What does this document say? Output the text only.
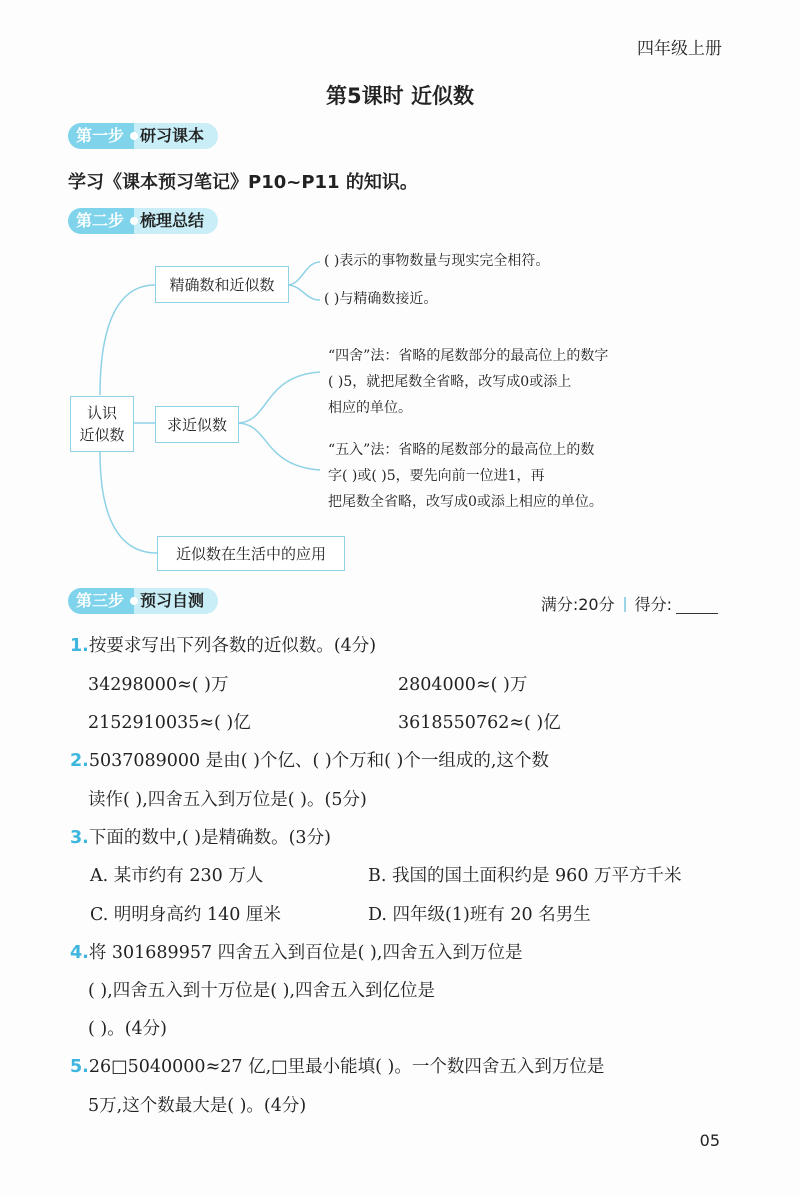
四年级上册
第5课时 近似数
第一步	研习课本
学习《课本预习笔记》P10~P11 的知识。
第二步	梳理总结
认识
近似数
精确数和近似数
求近似数
近似数在生活中的应用
( )表示的事物数量与现实完全相符。
( )与精确数接近。
“四舍”法：省略的尾数部分的最高位上的数字
( )5，就把尾数全省略，改写成0或添上
相应的单位。
“五入”法：省略的尾数部分的最高位上的数
字( )或( )5，要先向前一位进1，再
把尾数全省略，改写成0或添上相应的单位。
第三步	预习自测	满分:20分 得分:
1.按要求写出下列各数的近似数。(4分)
34298000≈( )万	2804000≈( )万
2152910035≈( )亿	3618550762≈( )亿
2.5037089000 是由( )个亿、( )个万和( )个一组成的,这个数
读作( ),四舍五入到万位是( )。(5分)
3.下面的数中,( )是精确数。(3分)
A. 某市约有 230 万人	B. 我国的国土面积约是 960 万平方千米
C. 明明身高约 140 厘米	D. 四年级(1)班有 20 名男生
4.将 301689957 四舍五入到百位是( ),四舍五入到万位是
( ),四舍五入到十万位是( ),四舍五入到亿位是
( )。(4分)
5.26□5040000≈27 亿,□里最小能填( )。一个数四舍五入到万位是
5万,这个数最大是( )。(4分)
05
